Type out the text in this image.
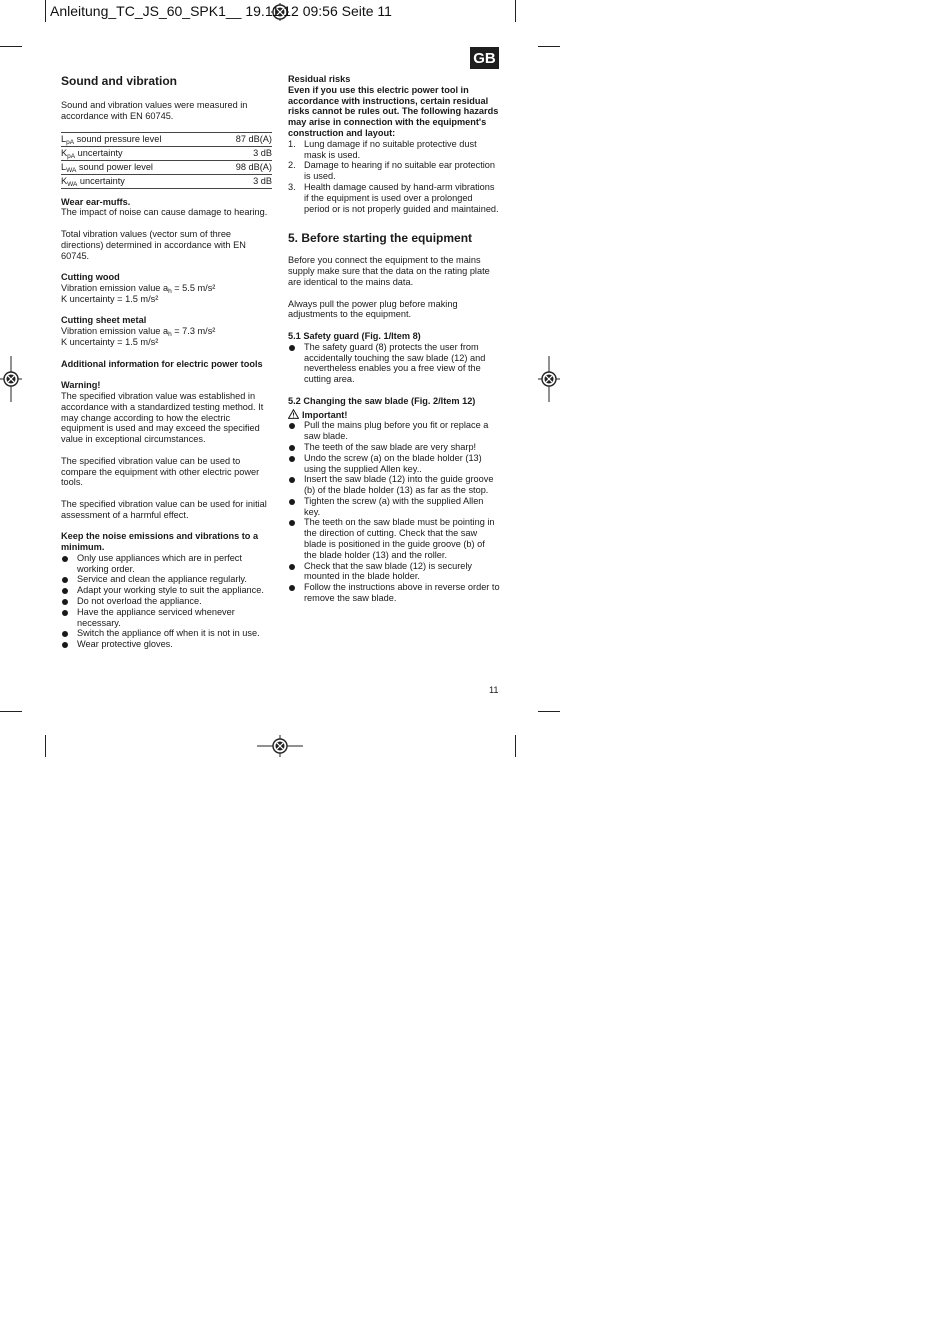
Anleitung_TC_JS_60_SPK1__ 19.11.12 09:56 Seite 11
GB
Sound and vibration

Sound and vibration values were measured in accordance with EN 60745.

$L_{pA}$ sound pressure level	87 dB(A)
$K_{pA}$ uncertainty	3 dB
$L_{WA}$ sound power level	98 dB(A)
$K_{WA}$ uncertainty	3 dB

Wear ear-muffs.

The impact of noise can cause damage to hearing.

Total vibration values (vector sum of three directions) determined in accordance with EN 60745.

Cutting wood

Vibration emission value $a_h = 5.5$ m/s²

K uncertainty = 1.5 m/s²

Cutting sheet metal

Vibration emission value $a_h = 7.3$ m/s²

K uncertainty = 1.5 m/s²

Additional information for electric power tools

Warning!

The specified vibration value was established in accordance with a standardized testing method. It may change according to how the electric equipment is used and may exceed the specified value in exceptional circumstances.

The specified vibration value can be used to compare the equipment with other electric power tools.

The specified vibration value can be used for initial assessment of a harmful effect.

Keep the noise emissions and vibrations to a minimum.

Only use appliances which are in perfect working order.
Service and clean the appliance regularly.
Adapt your working style to suit the appliance.
Do not overload the appliance.
Have the appliance serviced whenever necessary.
Switch the appliance off when it is not in use.
Wear protective gloves.

Residual risks

Even if you use this electric power tool in accordance with instructions, certain residual risks cannot be rules out. The following hazards may arise in connection with the equipment's construction and layout:

1. Lung damage if no suitable protective dust mask is used.
2. Damage to hearing if no suitable ear protection is used.
3. Health damage caused by hand-arm vibrations if the equipment is used over a prolonged period or is not properly guided and maintained.
5. Before starting the equipment

Before you connect the equipment to the mains supply make sure that the data on the rating plate are identical to the mains data.

Always pull the power plug before making adjustments to the equipment.

5.1 Safety guard (Fig. 1/Item 8)

The safety guard (8) protects the user from accidentally touching the saw blade (12) and nevertheless enables you a free view of the cutting area.

5.2 Changing the saw blade (Fig. 2/Item 12)

Important!

Pull the mains plug before you fit or replace a saw blade.
The teeth of the saw blade are very sharp!
Undo the screw (a) on the blade holder (13) using the supplied Allen key..
Insert the saw blade (12) into the guide groove (b) of the blade holder (13) as far as the stop.
Tighten the screw (a) with the supplied Allen key.
The teeth on the saw blade must be pointing in the direction of cutting. Check that the saw blade is positioned in the guide groove (b) of the blade holder (13) and the roller.
Check that the saw blade (12) is securely mounted in the blade holder.
Follow the instructions above in reverse order to remove the saw blade.
11
